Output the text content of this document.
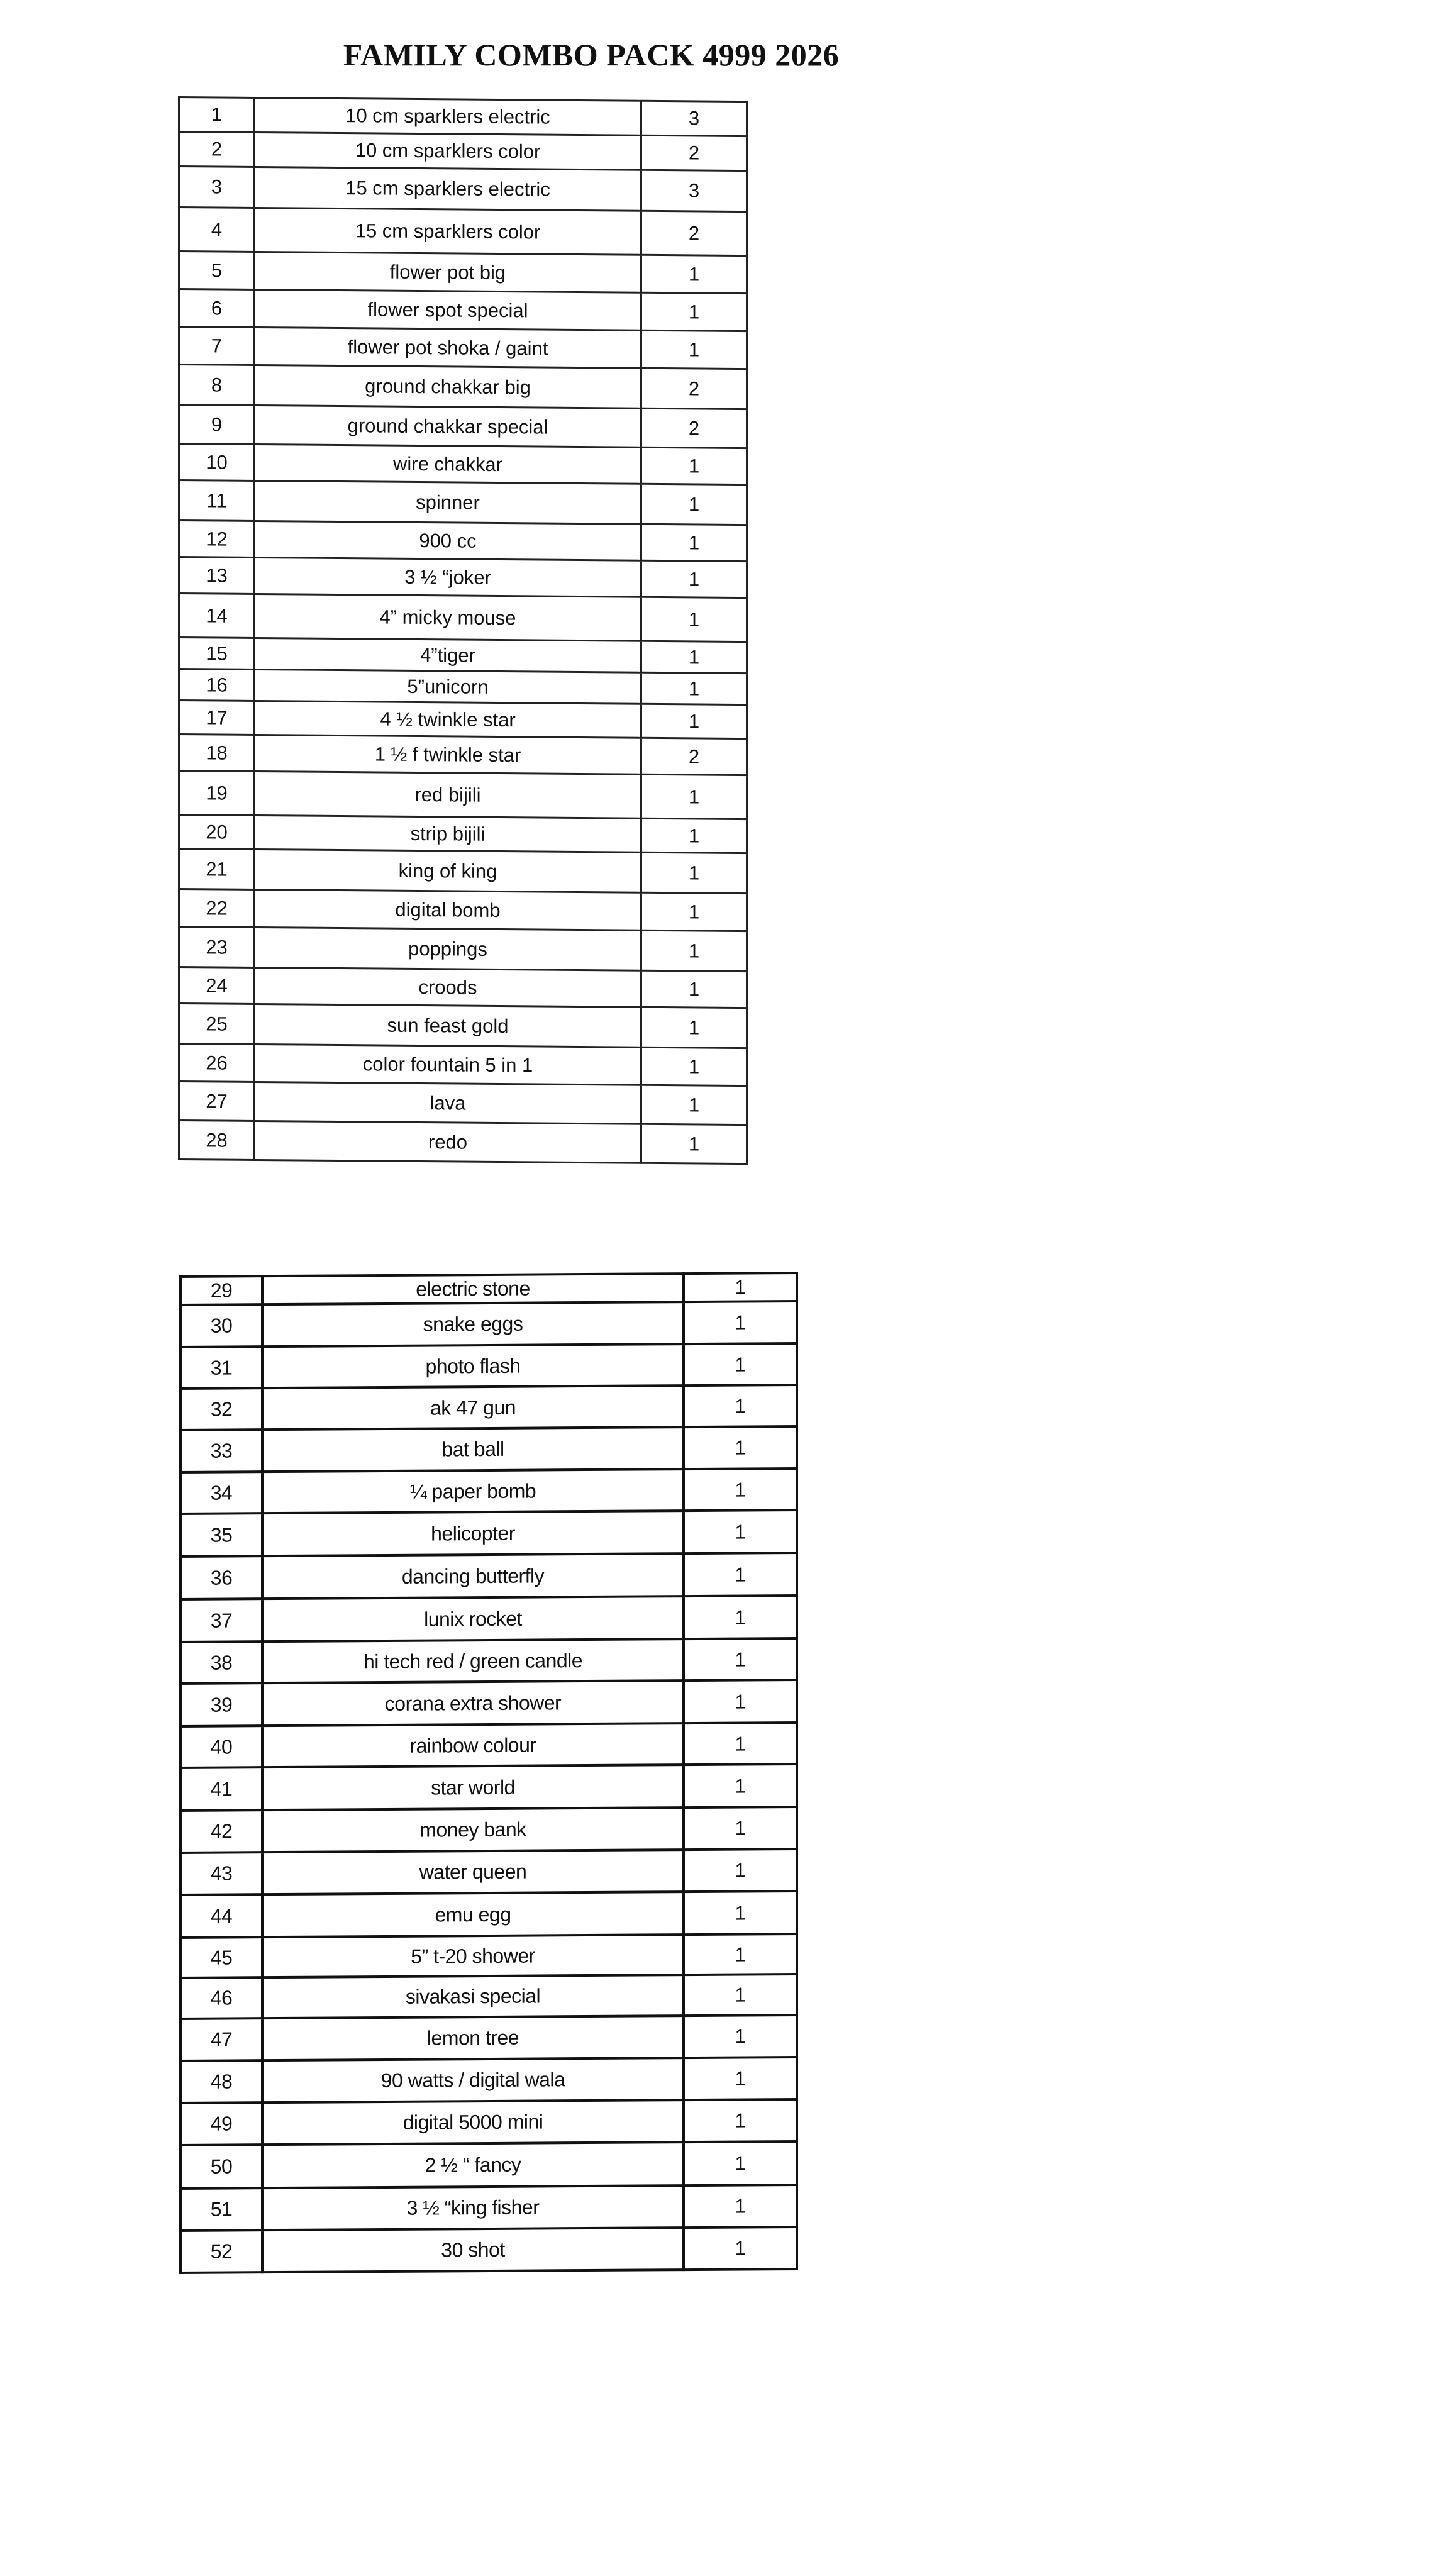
FAMILY COMBO PACK 4999 2026
1	10 cm sparklers electric	3
2	10 cm sparklers color	2
3	15 cm sparklers electric	3
4	15 cm sparklers color	2
5	flower pot big	1
6	flower spot special	1
7	flower pot shoka / gaint	1
8	ground chakkar big	2
9	ground chakkar special	2
10	wire chakkar	1
11	spinner	1
12	900 cc	1
13	3 ½ “joker	1
14	4” micky mouse	1
15	4”tiger	1
16	5”unicorn	1
17	4 ½ twinkle star	1
18	1 ½ f twinkle star	2
19	red bijili	1
20	strip bijili	1
21	king of king	1
22	digital bomb	1
23	poppings	1
24	croods	1
25	sun feast gold	1
26	color fountain 5 in 1	1
27	lava	1
28	redo	1
29	electric stone	1
30	snake eggs	1
31	photo flash	1
32	ak 47 gun	1
33	bat ball	1
34	¼ paper bomb	1
35	helicopter	1
36	dancing butterfly	1
37	lunix rocket	1
38	hi tech red / green candle	1
39	corana extra shower	1
40	rainbow colour	1
41	star world	1
42	money bank	1
43	water queen	1
44	emu egg	1
45	5” t-20 shower	1
46	sivakasi special	1
47	lemon tree	1
48	90 watts / digital wala	1
49	digital 5000 mini	1
50	2 ½ “ fancy	1
51	3 ½ “king fisher	1
52	30 shot	1
